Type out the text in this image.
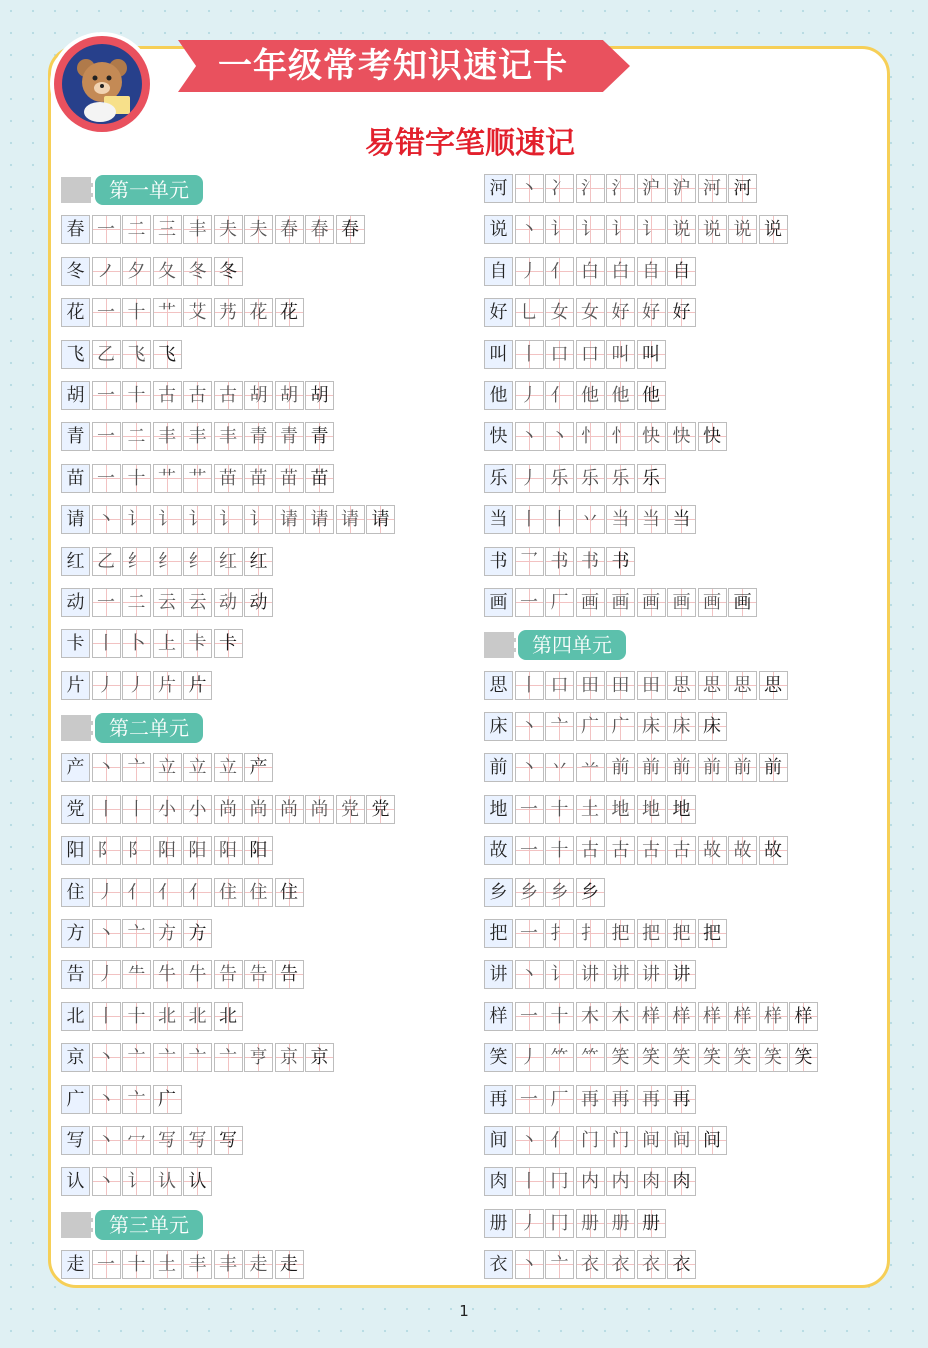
一年级常考知识速记卡
易错字笔顺速记
第一单元
春 一 二 三 丰 夫 夫 春 春 春
冬 ノ 夕 夂 冬 冬
花 一 十 艹 艾 艿 花 花
飞 乙 飞 飞
胡 一 十 古 古 古 胡 胡 胡
青 一 二 丰 丰 丰 青 青 青
苗 一 十 艹 艹 苗 苗 苗 苗
请 丶 讠 讠 讠 讠 讠 请 请 请 请
红 乙 纟 纟 纟 红 红
动 一 二 云 云 动 动
卡 丨 卜 上 卡 卡
片 丿 丿 片 片
第二单元
产 丶 亠 立 立 立 产
党 丨 丨 小 小 尚 尚 尚 尚 党 党
阳 阝 阝 阳 阳 阳 阳
住 丿 亻 亻 亻 住 住 住
方 丶 亠 方 方
告 丿 ⺧ 牛 牛 告 告 告
北 丨 十 北 北 北
京 丶 亠 亠 亠 亠 亨 京 京
广 丶 亠 广
写 丶 冖 写 写 写
认 丶 讠 认 认
第三单元
走 一 十 土 丰 丰 走 走
河 丶 冫 氵 氵 沪 沪 河 河
说 丶 讠 讠 讠 讠 说 说 说 说
自 丿 亻 白 白 自 自
好 乚 女 女 好 好 好
叫 丨 口 口 叫 叫
他 丿 亻 他 他 他
快 丶 丶 忄 忄 快 快 快
乐 丿 乐 乐 乐 乐
当 丨 丨 丷 当 当 当
书 乛 书 书 书
画 一 厂 画 画 画 画 画 画
第四单元
思 丨 口 田 田 田 思 思 思 思
床 丶 亠 广 广 床 床 床
前 丶 丷 䒑 前 前 前 前 前 前
地 一 十 土 地 地 地
故 一 十 古 古 古 古 故 故 故
乡 乡 乡 乡
把 一 扌 扌 把 把 把 把
讲 丶 讠 讲 讲 讲 讲
样 一 十 木 木 样 样 样 样 样 样
笑 丿 ⺮ ⺮ 笑 笑 笑 笑 笑 笑 笑
再 一 厂 再 再 再 再
间 丶 亻 门 门 间 间 间
肉 丨 冂 内 内 肉 肉
册 丿 冂 册 册 册
衣 丶 亠 衣 衣 衣 衣
1
